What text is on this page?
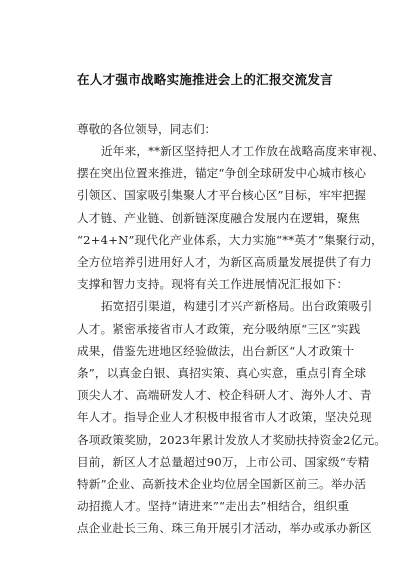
在人才强市战略实施推进会上的汇报交流发言

尊敬的各位领导，同志们：

近年来，**新区坚持把人才工作放在战略高度来审视、
摆在突出位置来推进，锚定“争创全球研发中心城市核心
引领区、国家吸引集聚人才平台核心区”目标，牢牢把握
人才链、产业链、创新链深度融合发展内在逻辑，聚焦
“2+4+N”现代化产业体系，大力实施“**英才”集聚行动，
全方位培养引进用好人才，为新区高质量发展提供了有力
支撑和智力支持。现将有关工作进展情况汇报如下：
拓宽招引渠道，构建引才兴产新格局。出台政策吸引
人才。紧密承接省市人才政策，充分吸纳原“三区”实践
成果，借鉴先进地区经验做法，出台新区“人才政策十
条”，以真金白银、真招实策、真心实意，重点引育全球
顶尖人才、高端研发人才、校企科研人才、海外人才、青
年人才。指导企业人才积极申报省市人才政策，坚决兑现
各项政策奖励，2023年累计发放人才奖励扶持资金2亿元。
目前，新区人才总量超过90万，上市公司、国家级“专精
特新”企业、高新技术企业均位居全国新区前三。举办活
动招揽人才。坚持“请进来”“走出去”相结合，组织重
点企业赴长三角、珠三角开展引才活动，举办或承办新区
